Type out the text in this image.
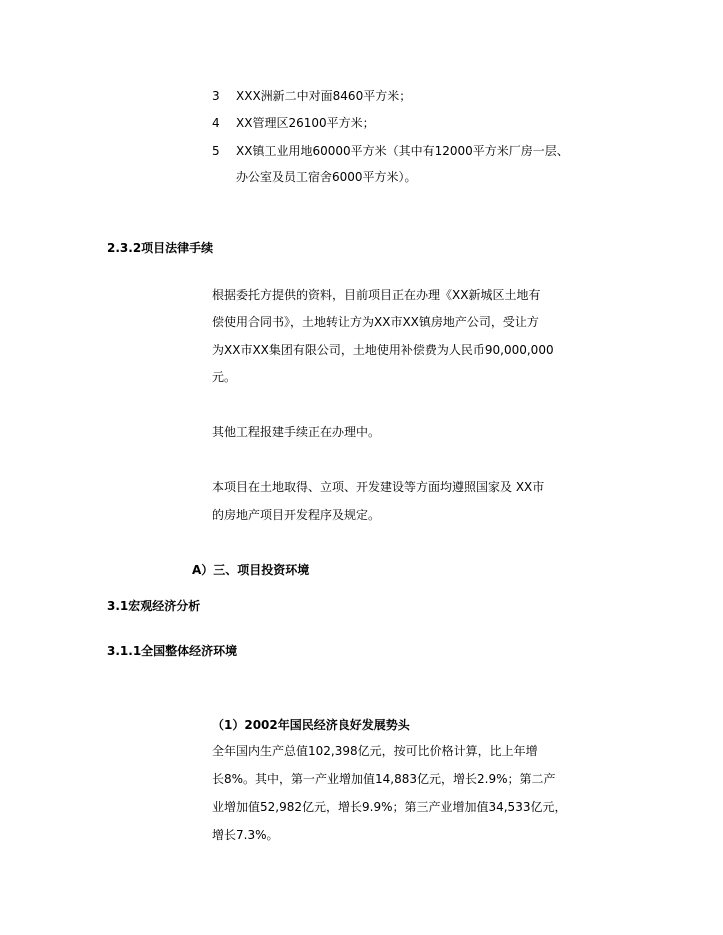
3 XXX洲新二中对面8460平方米；
4 XX管理区26100平方米；
5 XX镇工业用地60000平方米（其中有12000平方米厂房一层、
办公室及员工宿舍6000平方米）。
2.3.2项目法律手续
根据委托方提供的资料，目前项目正在办理《XX新城区土地有
偿使用合同书》，土地转让方为XX市XX镇房地产公司，受让方
为XX市XX集团有限公司，土地使用补偿费为人民币90,000,000
元。
其他工程报建手续正在办理中。
本项目在土地取得、立项、开发建设等方面均遵照国家及 XX市
的房地产项目开发程序及规定。
A）三、项目投资环境
3.1宏观经济分析
3.1.1全国整体经济环境
（1）2002年国民经济良好发展势头
全年国内生产总值102,398亿元，按可比价格计算，比上年增
长8%。其中，第一产业增加值14,883亿元，增长2.9%；第二产
业增加值52,982亿元，增长9.9%；第三产业增加值34,533亿元，
增长7.3%。
